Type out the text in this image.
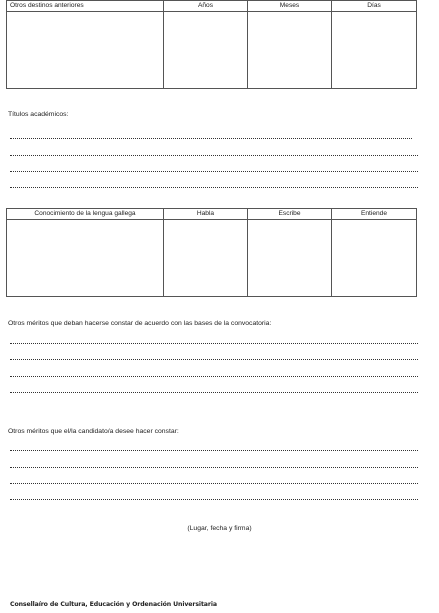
Otros destinos anteriores	Años	Meses	Días

Títulos académicos:
Conocimiento de la lengua gallega	Habla	Escribe	Entiende

Otros méritos que deban hacerse constar de acuerdo con las bases de la convocatoria:
Otros méritos que el/la candidato/a desee hacer constar:
(Lugar, fecha y firma)
Consellaíro de Cultura, Educación y Ordenación Universitaria
